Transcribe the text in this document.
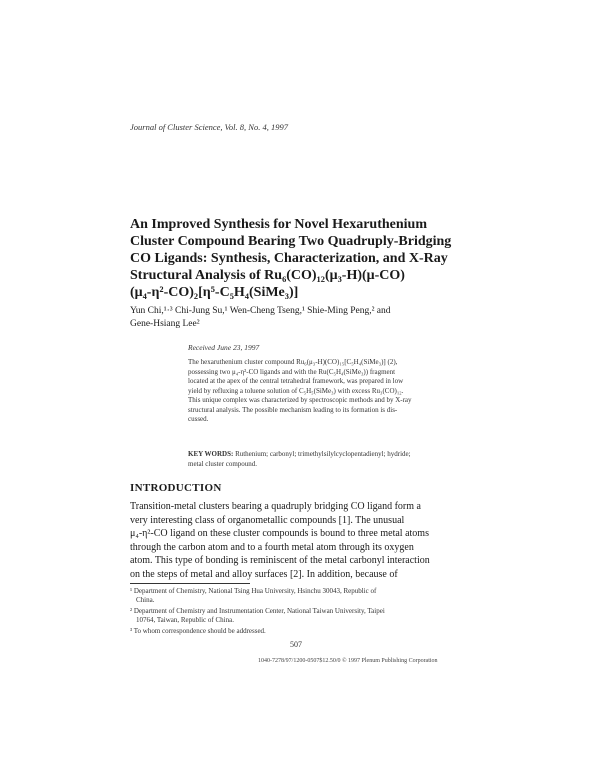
Journal of Cluster Science, Vol. 8, No. 4, 1997
An Improved Synthesis for Novel Hexaruthenium
Cluster Compound Bearing Two Quadruply-Bridging
CO Ligands: Synthesis, Characterization, and X-Ray
Structural Analysis of Ru₆(CO)₁₂(μ₃-H)(μ-CO)
(μ₄-η²-CO)₂[η⁵-C₅H₄(SiMe₃)]
Yun Chi,¹·³ Chi-Jung Su,¹ Wen-Cheng Tseng,¹ Shie-Ming Peng,² and
Gene-Hsiang Lee²
Received June 23, 1997
The hexaruthenium cluster compound Ru₆(μ₃-H)(CO)₁₅[C₅H₄(SiMe₃)] (2),
possessing two μ₄-η²-CO ligands and with the Ru(C₅H₄(SiMe₃)) fragment
located at the apex of the central tetrahedral framework, was prepared in low
yield by refluxing a toluene solution of C₅H₅(SiMe₃) with excess Ru₃(CO)₁₂.
This unique complex was characterized by spectroscopic methods and by X-ray
structural analysis. The possible mechanism leading to its formation is dis-
cussed.
KEY WORDS: Ruthenium; carbonyl; trimethylsilylcyclopentadienyl; hydride;
metal cluster compound.
INTRODUCTION
Transition-metal clusters bearing a quadruply bridging CO ligand form a
very interesting class of organometallic compounds [1]. The unusual
μ₄-η²-CO ligand on these cluster compounds is bound to three metal atoms
through the carbon atom and to a fourth metal atom through its oxygen
atom. This type of bonding is reminiscent of the metal carbonyl interaction
on the steps of metal and alloy surfaces [2]. In addition, because of
¹ Department of Chemistry, National Tsing Hua University, Hsinchu 30043, Republic of
China.
² Department of Chemistry and Instrumentation Center, National Taiwan University, Taipei
10764, Taiwan, Republic of China.
³ To whom correspondence should be addressed.
507
1040-7278/97/1200-0507$12.50/0 © 1997 Plenum Publishing Corporation
